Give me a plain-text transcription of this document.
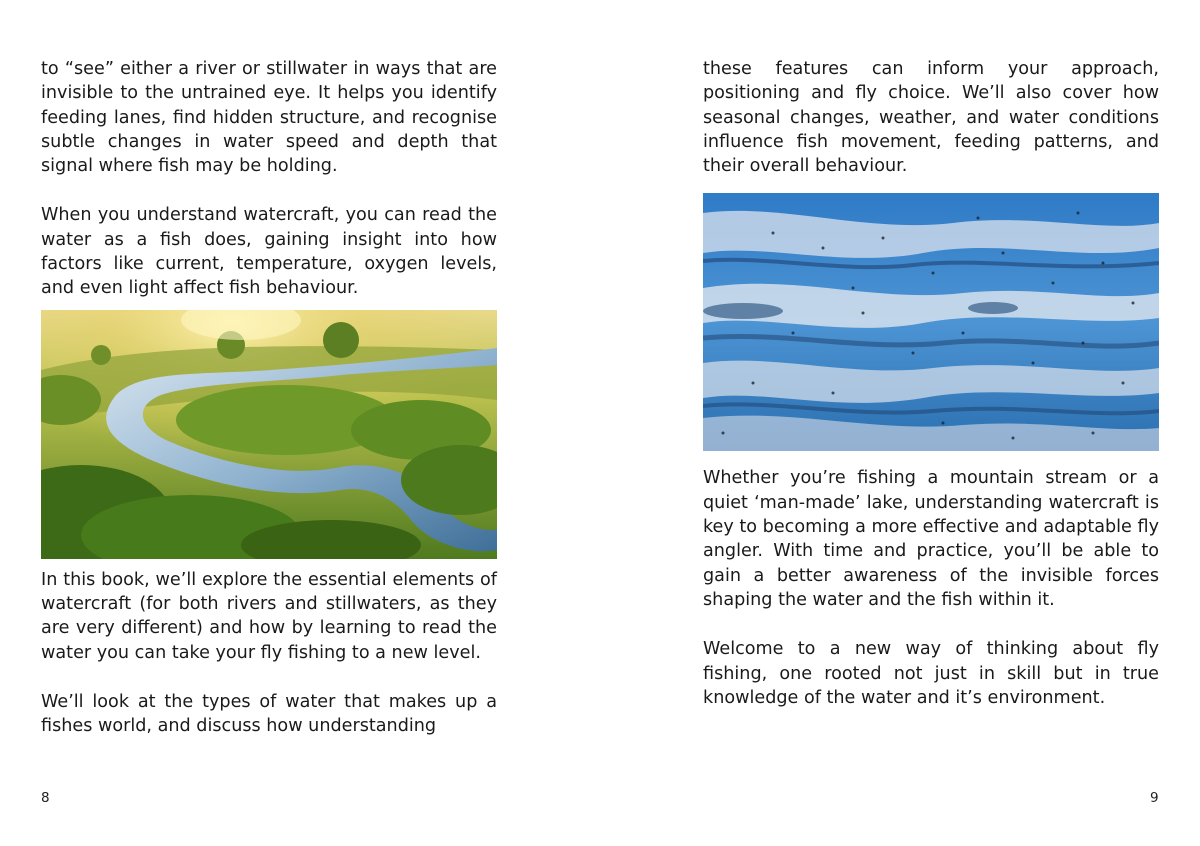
to “see” either a river or stillwater in ways that are invisible to the untrained eye. It helps you identify feeding lanes, find hidden structure, and recognise subtle changes in water speed and depth that signal where fish may be holding.

When you understand watercraft, you can read the water as a fish does, gaining insight into how factors like current, temperature, oxygen levels, and even light affect fish behaviour.

In this book, we’ll explore the essential elements of watercraft (for both rivers and stillwaters, as they are very different) and how by learning to read the water you can take your fly fishing to a new level.

We’ll look at the types of water that makes up a fishes world, and discuss how understanding

8

these features can inform your approach, positioning and fly choice. We’ll also cover how seasonal changes, weather, and water conditions influence fish movement, feeding patterns, and their overall behaviour.

Whether you’re fishing a mountain stream or a quiet ‘man-made’ lake, understanding watercraft is key to becoming a more effective and adaptable fly angler. With time and practice, you’ll be able to gain a better awareness of the invisible forces shaping the water and the fish within it.

Welcome to a new way of thinking about fly fishing, one rooted not just in skill but in true knowledge of the water and it’s environment.

9
